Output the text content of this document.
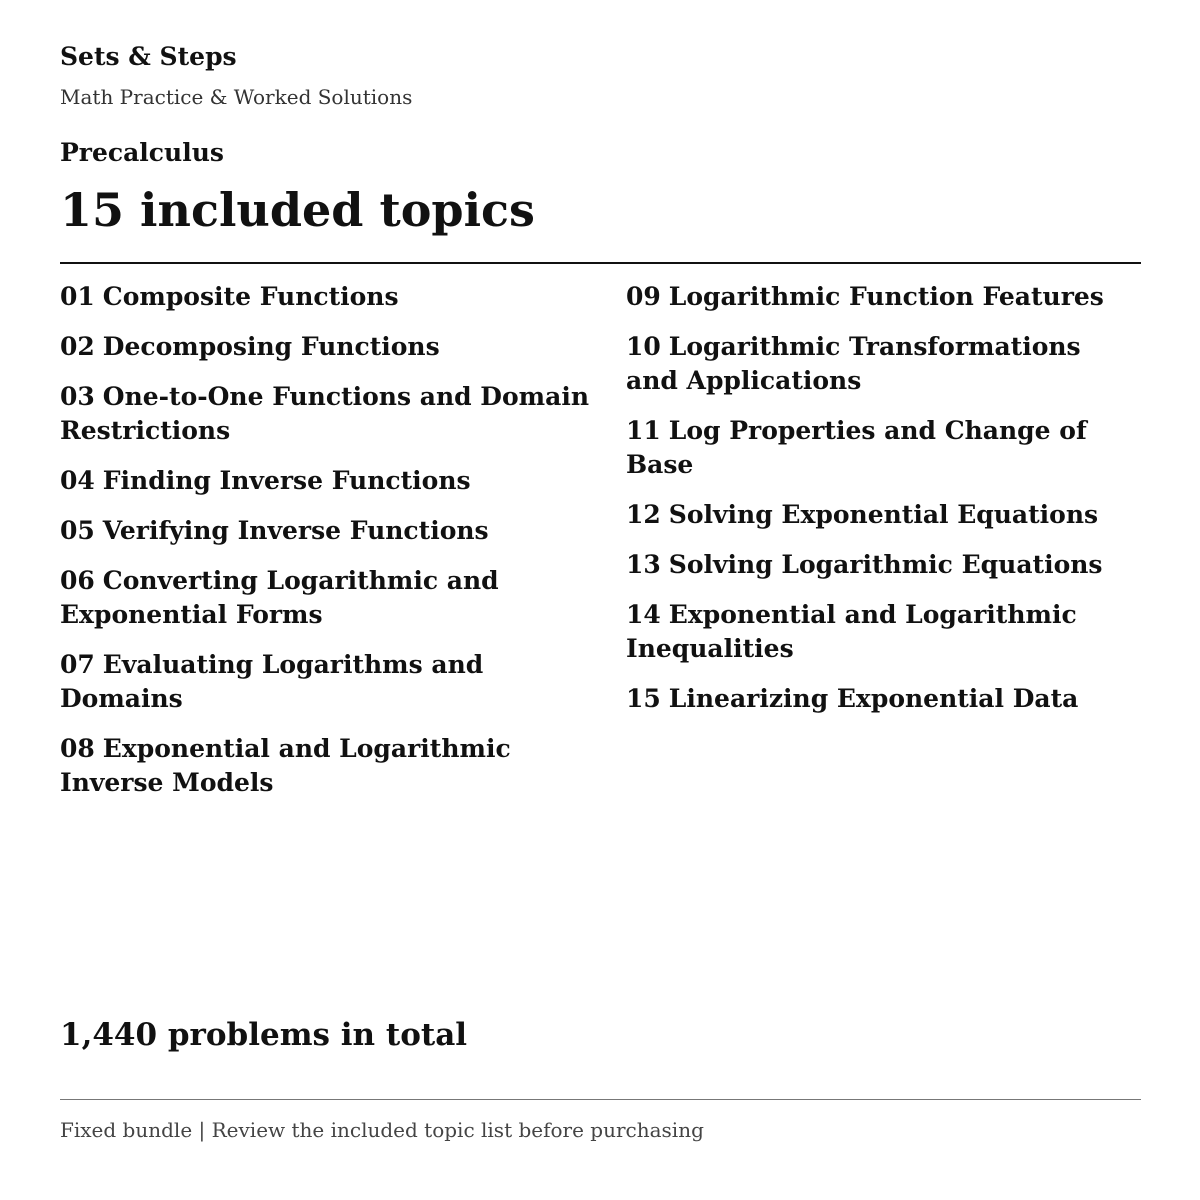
Sets & Steps

Math Practice & Worked Solutions

Precalculus
15 included topics
01 Composite Functions
02 Decomposing Functions
03 One-to-One Functions and Domain Restrictions
04 Finding Inverse Functions
05 Verifying Inverse Functions
06 Converting Logarithmic and Exponential Forms
07 Evaluating Logarithms and Domains
08 Exponential and Logarithmic Inverse Models
09 Logarithmic Function Features
10 Logarithmic Transformations and Applications
11 Log Properties and Change of Base
12 Solving Exponential Equations
13 Solving Logarithmic Equations
14 Exponential and Logarithmic Inequalities
15 Linearizing Exponential Data

1,440 problems in total

Fixed bundle | Review the included topic list before purchasing
